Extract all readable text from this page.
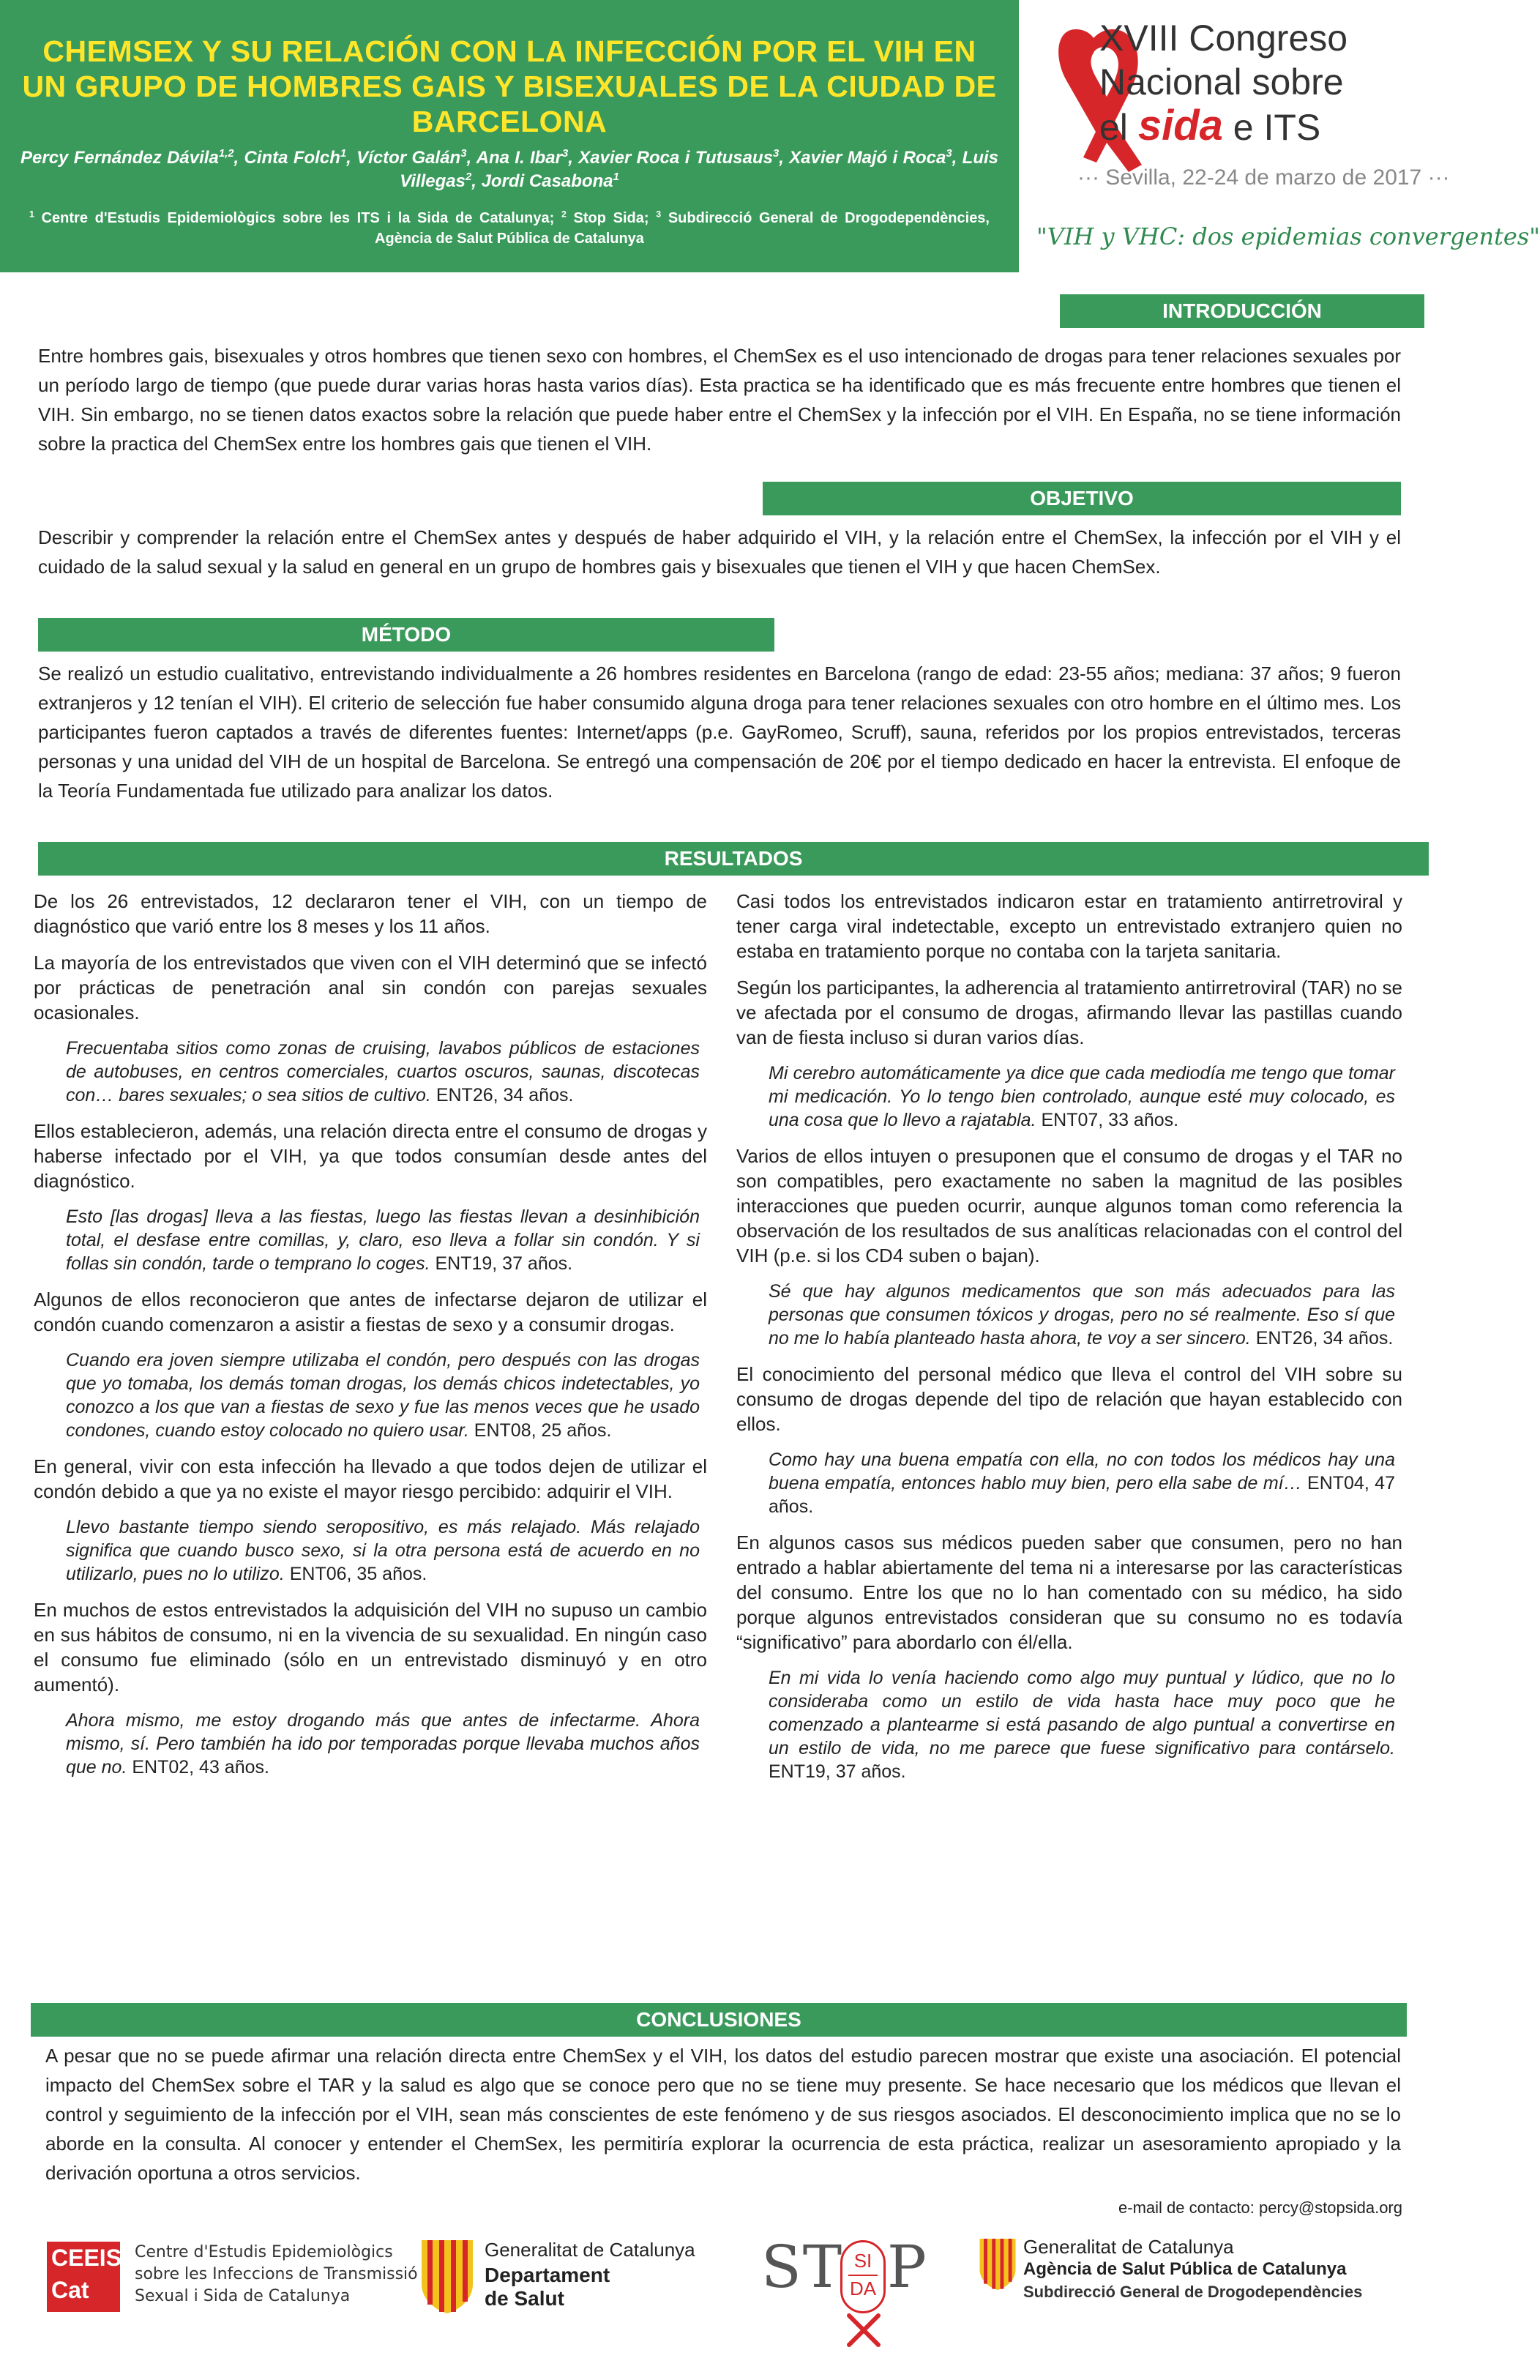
CHEMSEX Y SU RELACIÓN CON LA INFECCIÓN POR EL VIH EN UN GRUPO DE HOMBRES GAIS Y BISEXUALES DE LA CIUDAD DE BARCELONA
Percy Fernández Dávila$^{1,2}$, Cinta Folch$^1$, Víctor Galán$^3$, Ana I. Ibar$^3$, Xavier Roca i Tutusaus$^3$, Xavier Majó i Roca$^3$, Luis Villegas$^2$, Jordi Casabona$^1$
$^1$ Centre d'Estudis Epidemiològics sobre les ITS i la Sida de Catalunya; $^2$ Stop Sida; $^3$ Subdirecció General de Drogodependències, Agència de Salut Pública de Catalunya
XVIII Congreso
Nacional sobre
el sida e ITS
··· Sevilla, 22-24 de marzo de 2017 ···
"VIH y VHC: dos epidemias convergentes"
INTRODUCCIÓN
Entre hombres gais, bisexuales y otros hombres que tienen sexo con hombres, el ChemSex es el uso intencionado de drogas para tener relaciones sexuales por un período largo de tiempo (que puede durar varias horas hasta varios días). Esta practica se ha identificado que es más frecuente entre hombres que tienen el VIH. Sin embargo, no se tienen datos exactos sobre la relación que puede haber entre el ChemSex y la infección por el VIH. En España, no se tiene información sobre la practica del ChemSex entre los hombres gais que tienen el VIH.
OBJETIVO
Describir y comprender la relación entre el ChemSex antes y después de haber adquirido el VIH, y la relación entre el ChemSex, la infección por el VIH y el cuidado de la salud sexual y la salud en general en un grupo de hombres gais y bisexuales que tienen el VIH y que hacen ChemSex.
MÉTODO
Se realizó un estudio cualitativo, entrevistando individualmente a 26 hombres residentes en Barcelona (rango de edad: 23-55 años; mediana: 37 años; 9 fueron extranjeros y 12 tenían el VIH). El criterio de selección fue haber consumido alguna droga para tener relaciones sexuales con otro hombre en el último mes. Los participantes fueron captados a través de diferentes fuentes: Internet/apps (p.e. GayRomeo, Scruff), sauna, referidos por los propios entrevistados, terceras personas y una unidad del VIH de un hospital de Barcelona. Se entregó una compensación de 20€ por el tiempo dedicado en hacer la entrevista. El enfoque de la Teoría Fundamentada fue utilizado para analizar los datos.
RESULTADOS
De los 26 entrevistados, 12 declararon tener el VIH, con un tiempo de diagnóstico que varió entre los 8 meses y los 11 años.
La mayoría de los entrevistados que viven con el VIH determinó que se infectó por prácticas de penetración anal sin condón con parejas sexuales ocasionales.
Frecuentaba sitios como zonas de cruising, lavabos públicos de estaciones de autobuses, en centros comerciales, cuartos oscuros, saunas, discotecas con… bares sexuales; o sea sitios de cultivo. ENT26, 34 años.
Ellos establecieron, además, una relación directa entre el consumo de drogas y haberse infectado por el VIH, ya que todos consumían desde antes del diagnóstico.
Esto [las drogas] lleva a las fiestas, luego las fiestas llevan a desinhibición total, el desfase entre comillas, y, claro, eso lleva a follar sin condón. Y si follas sin condón, tarde o temprano lo coges. ENT19, 37 años.
Algunos de ellos reconocieron que antes de infectarse dejaron de utilizar el condón cuando comenzaron a asistir a fiestas de sexo y a consumir drogas.
Cuando era joven siempre utilizaba el condón, pero después con las drogas que yo tomaba, los demás toman drogas, los demás chicos indetectables, yo conozco a los que van a fiestas de sexo y fue las menos veces que he usado condones, cuando estoy colocado no quiero usar. ENT08, 25 años.
En general, vivir con esta infección ha llevado a que todos dejen de utilizar el condón debido a que ya no existe el mayor riesgo percibido: adquirir el VIH.
Llevo bastante tiempo siendo seropositivo, es más relajado. Más relajado significa que cuando busco sexo, si la otra persona está de acuerdo en no utilizarlo, pues no lo utilizo. ENT06, 35 años.
En muchos de estos entrevistados la adquisición del VIH no supuso un cambio en sus hábitos de consumo, ni en la vivencia de su sexualidad. En ningún caso el consumo fue eliminado (sólo en un entrevistado disminuyó y en otro aumentó).
Ahora mismo, me estoy drogando más que antes de infectarme. Ahora mismo, sí. Pero también ha ido por temporadas porque llevaba muchos años que no. ENT02, 43 años.
Casi todos los entrevistados indicaron estar en tratamiento antirretroviral y tener carga viral indetectable, excepto un entrevistado extranjero quien no estaba en tratamiento porque no contaba con la tarjeta sanitaria.
Según los participantes, la adherencia al tratamiento antirretroviral (TAR) no se ve afectada por el consumo de drogas, afirmando llevar las pastillas cuando van de fiesta incluso si duran varios días.
Mi cerebro automáticamente ya dice que cada mediodía me tengo que tomar mi medicación. Yo lo tengo bien controlado, aunque esté muy colocado, es una cosa que lo llevo a rajatabla. ENT07, 33 años.
Varios de ellos intuyen o presuponen que el consumo de drogas y el TAR no son compatibles, pero exactamente no saben la magnitud de las posibles interacciones que pueden ocurrir, aunque algunos toman como referencia la observación de los resultados de sus analíticas relacionadas con el control del VIH (p.e. si los CD4 suben o bajan).
Sé que hay algunos medicamentos que son más adecuados para las personas que consumen tóxicos y drogas, pero no sé realmente. Eso sí que no me lo había planteado hasta ahora, te voy a ser sincero. ENT26, 34 años.
El conocimiento del personal médico que lleva el control del VIH sobre su consumo de drogas depende del tipo de relación que hayan establecido con ellos.
Como hay una buena empatía con ella, no con todos los médicos hay una buena empatía, entonces hablo muy bien, pero ella sabe de mí… ENT04, 47 años.
En algunos casos sus médicos pueden saber que consumen, pero no han entrado a hablar abiertamente del tema ni a interesarse por las características del consumo. Entre los que no lo han comentado con su médico, ha sido porque algunos entrevistados consideran que su consumo no es todavía “significativo” para abordarlo con él/ella.
En mi vida lo venía haciendo como algo muy puntual y lúdico, que no lo consideraba como un estilo de vida hasta hace muy poco que he comenzado a plantearme si está pasando de algo puntual a convertirse en un estilo de vida, no me parece que fuese significativo para contárselo. ENT19, 37 años.
CONCLUSIONES
A pesar que no se puede afirmar una relación directa entre ChemSex y el VIH, los datos del estudio parecen mostrar que existe una asociación. El potencial impacto del ChemSex sobre el TAR y la salud es algo que se conoce pero que no se tiene muy presente. Se hace necesario que los médicos que llevan el control y seguimiento de la infección por el VIH, sean más conscientes de este fenómeno y de sus riesgos asociados. El desconocimiento implica que no se lo aborde en la consulta. Al conocer y entender el ChemSex, les permitiría explorar la ocurrencia de esta práctica, realizar un asesoramiento apropiado y la derivación oportuna a otros servicios.
e-mail de contacto: percy@stopsida.org
CEEIS
Cat
Centre d'Estudis Epidemiològics
sobre les Infeccions de Transmissió
Sexual i Sida de Catalunya
Generalitat de Catalunya
Departament
de Salut	ST SI
DA P	Generalitat de Catalunya
Agència de Salut Pública de Catalunya
Subdirecció General de Drogodependències
